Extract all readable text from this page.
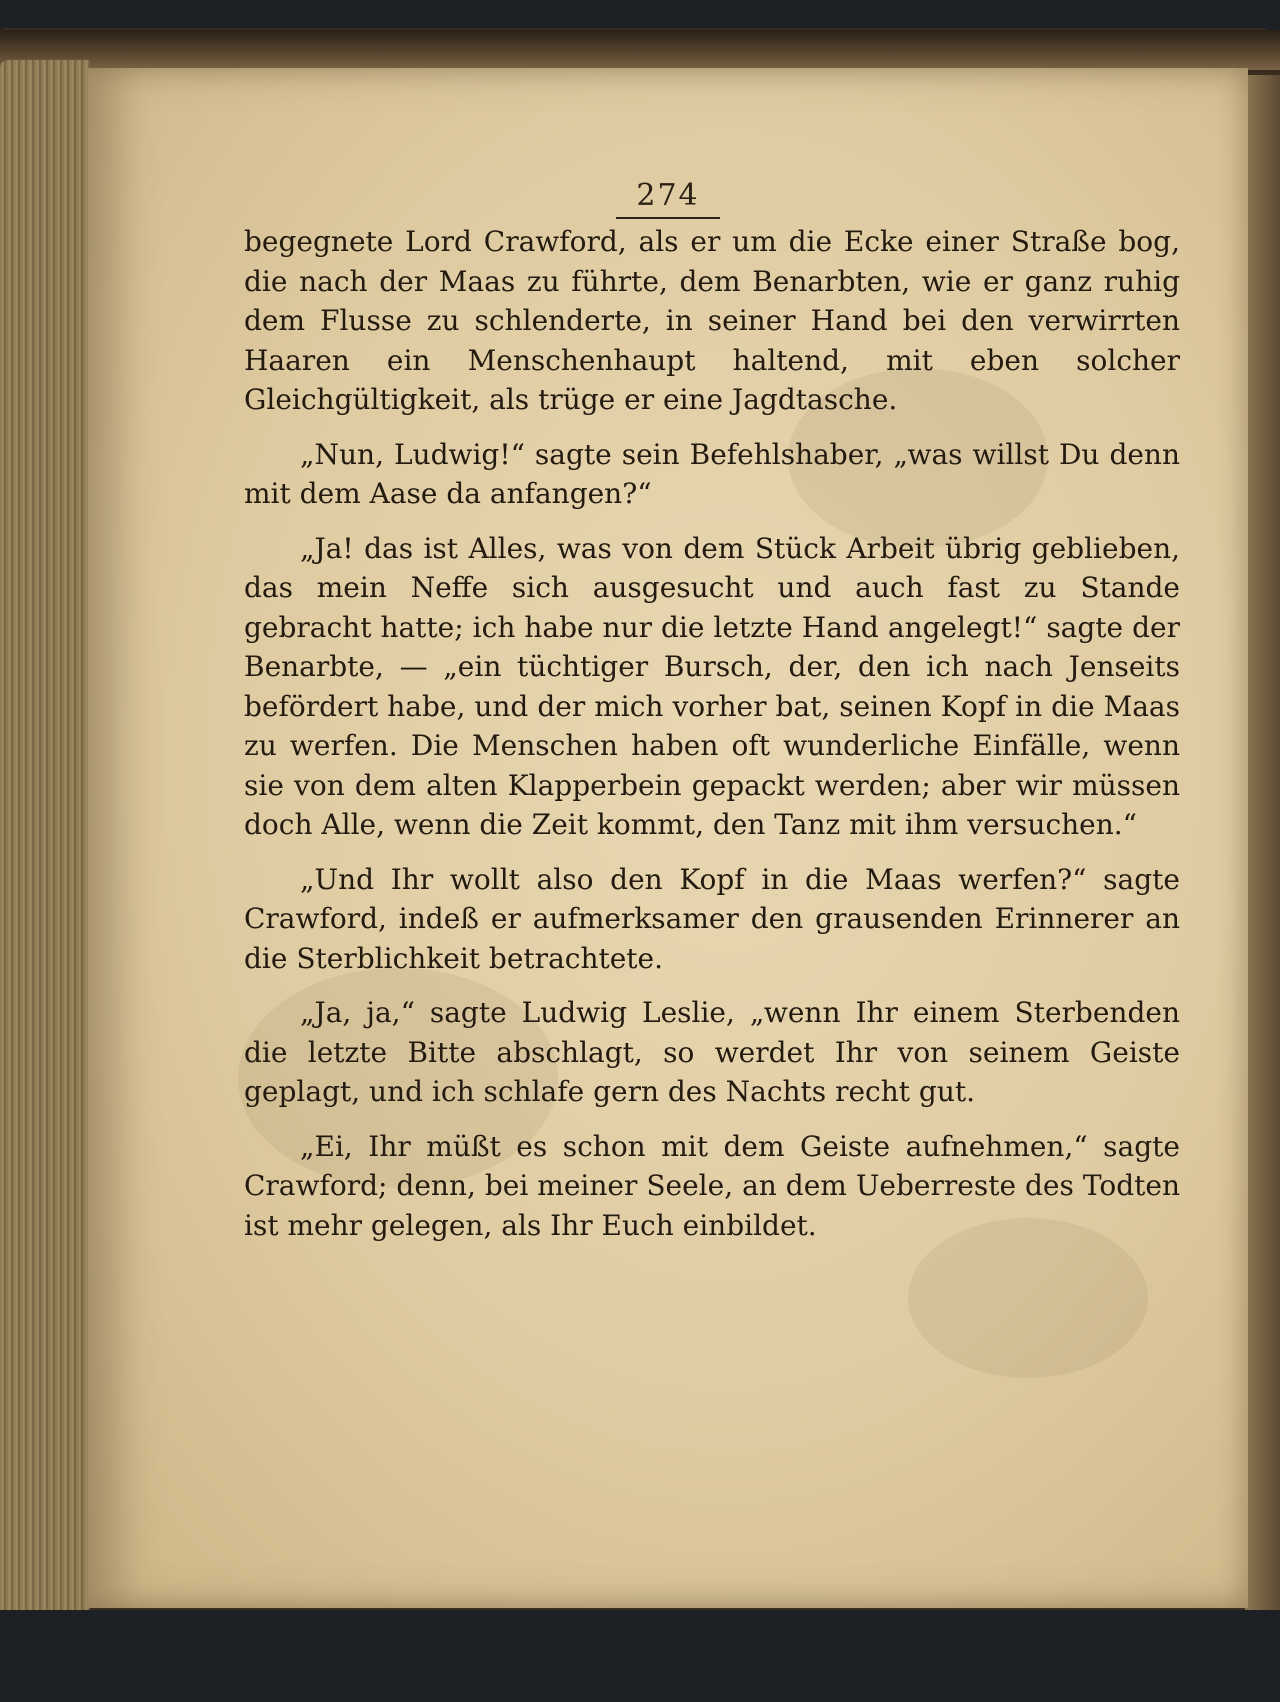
274

begegnete Lord Crawford, als er um die Ecke einer Straße bog, die nach der Maas zu führte, dem Benarbten, wie er ganz ruhig dem Flusse zu schlenderte, in seiner Hand bei den verwirrten Haaren ein Menschenhaupt haltend, mit eben solcher Gleichgültigkeit, als trüge er eine Jagdtasche.

„Nun, Ludwig!“ sagte sein Befehlshaber, „was willst Du denn mit dem Aase da anfangen?“

„Ja! das ist Alles, was von dem Stück Arbeit übrig geblieben, das mein Neffe sich ausgesucht und auch fast zu Stande gebracht hatte; ich habe nur die letzte Hand angelegt!“ sagte der Benarbte, — „ein tüchtiger Bursch, der, den ich nach Jenseits befördert habe, und der mich vorher bat, seinen Kopf in die Maas zu werfen. Die Menschen haben oft wunderliche Einfälle, wenn sie von dem alten Klapperbein gepackt werden; aber wir müssen doch Alle, wenn die Zeit kommt, den Tanz mit ihm versuchen.“

„Und Ihr wollt also den Kopf in die Maas werfen?“ sagte Crawford, indeß er aufmerksamer den grausenden Erinnerer an die Sterblichkeit betrachtete.

„Ja, ja,“ sagte Ludwig Leslie, „wenn Ihr einem Sterbenden die letzte Bitte abschlagt, so werdet Ihr von seinem Geiste geplagt, und ich schlafe gern des Nachts recht gut.

„Ei, Ihr müßt es schon mit dem Geiste aufnehmen,“ sagte Crawford; denn, bei meiner Seele, an dem Ueberreste des Todten ist mehr gelegen, als Ihr Euch einbildet.
